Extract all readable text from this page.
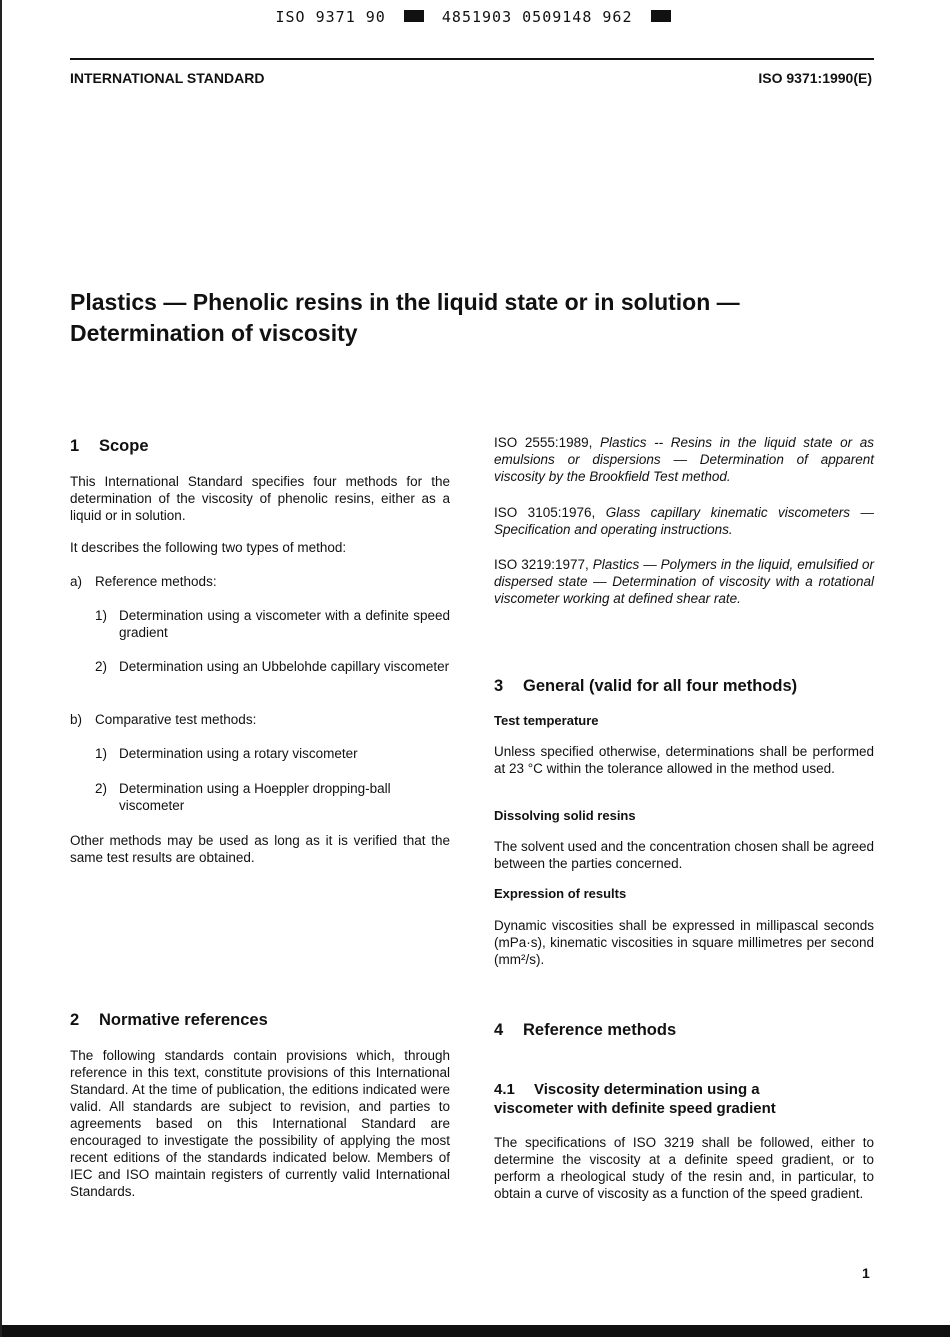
ISO 9371 90	4851903 0509148 962
INTERNATIONAL STANDARD	ISO 9371:1990(E)
Plastics — Phenolic resins in the liquid state or in solution —
Determination of viscosity
1 Scope
This International Standard specifies four methods for the determination of the viscosity of phenolic resins, either as a liquid or in solution.
It describes the following two types of method:
a) Reference methods:
1) Determination using a viscometer with a definite speed gradient
2) Determination using an Ubbelohde capillary viscometer
b) Comparative test methods:
1) Determination using a rotary viscometer
2) Determination using a Hoeppler dropping-ball viscometer
Other methods may be used as long as it is verified that the same test results are obtained.
2 Normative references
The following standards contain provisions which, through reference in this text, constitute provisions of this International Standard. At the time of publication, the editions indicated were valid. All standards are subject to revision, and parties to agreements based on this International Standard are encouraged to investigate the possibility of applying the most recent editions of the standards indicated below. Members of IEC and ISO maintain registers of currently valid International Standards.
ISO 2555:1989, Plastics -- Resins in the liquid state or as emulsions or dispersions — Determination of apparent viscosity by the Brookfield Test method.
ISO 3105:1976, Glass capillary kinematic viscometers — Specification and operating instructions.
ISO 3219:1977, Plastics — Polymers in the liquid, emulsified or dispersed state — Determination of viscosity with a rotational viscometer working at defined shear rate.
3 General (valid for all four methods)
Test temperature
Unless specified otherwise, determinations shall be performed at 23 °C within the tolerance allowed in the method used.
Dissolving solid resins
The solvent used and the concentration chosen shall be agreed between the parties concerned.
Expression of results
Dynamic viscosities shall be expressed in millipascal seconds (mPa·s), kinematic viscosities in square millimetres per second (mm²/s).
4 Reference methods
4.1 Viscosity determination using a
viscometer with definite speed gradient
The specifications of ISO 3219 shall be followed, either to determine the viscosity at a definite speed gradient, or to perform a rheological study of the resin and, in particular, to obtain a curve of viscosity as a function of the speed gradient.
1
